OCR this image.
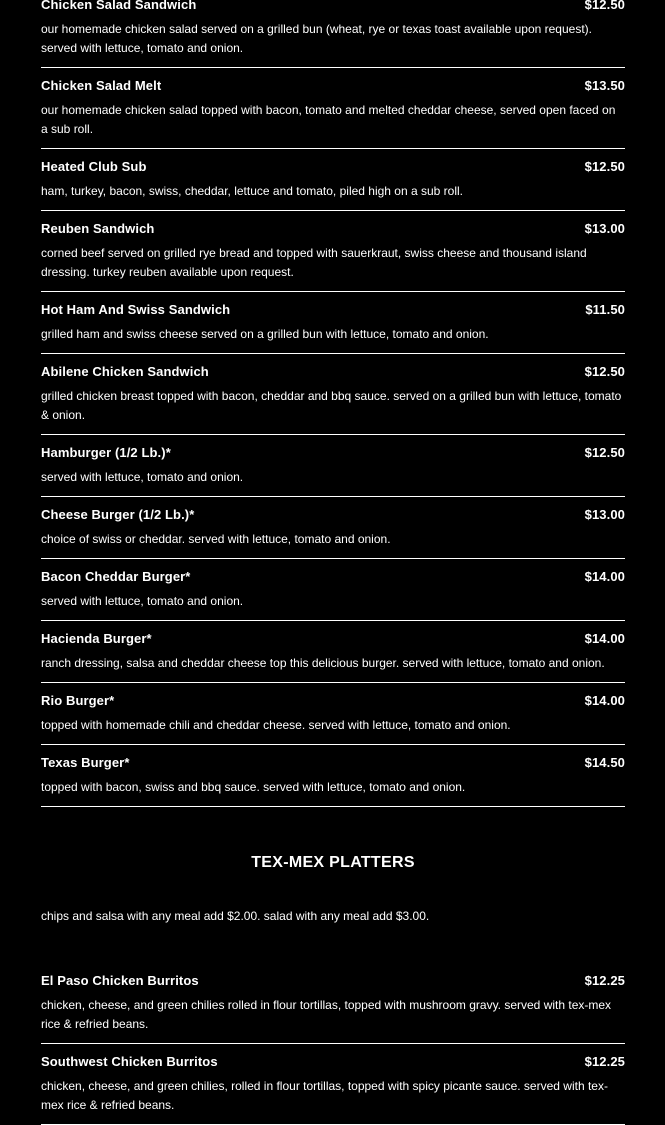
Chicken Salad Sandwich	$12.50
our homemade chicken salad served on a grilled bun (wheat, rye or texas toast available upon request). served with lettuce, tomato and onion.
Chicken Salad Melt	$13.50
our homemade chicken salad topped with bacon, tomato and melted cheddar cheese, served open faced on a sub roll.
Heated Club Sub	$12.50
ham, turkey, bacon, swiss, cheddar, lettuce and tomato, piled high on a sub roll.
Reuben Sandwich	$13.00
corned beef served on grilled rye bread and topped with sauerkraut, swiss cheese and thousand island dressing. turkey reuben available upon request.
Hot Ham And Swiss Sandwich	$11.50
grilled ham and swiss cheese served on a grilled bun with lettuce, tomato and onion.
Abilene Chicken Sandwich	$12.50
grilled chicken breast topped with bacon, cheddar and bbq sauce. served on a grilled bun with lettuce, tomato & onion.
Hamburger (1/2 Lb.)*	$12.50
served with lettuce, tomato and onion.
Cheese Burger (1/2 Lb.)*	$13.00
choice of swiss or cheddar. served with lettuce, tomato and onion.
Bacon Cheddar Burger*	$14.00
served with lettuce, tomato and onion.
Hacienda Burger*	$14.00
ranch dressing, salsa and cheddar cheese top this delicious burger. served with lettuce, tomato and onion.
Rio Burger*	$14.00
topped with homemade chili and cheddar cheese. served with lettuce, tomato and onion.
Texas Burger*	$14.50
topped with bacon, swiss and bbq sauce. served with lettuce, tomato and onion.
TEX-MEX PLATTERS
chips and salsa with any meal add $2.00. salad with any meal add $3.00.
El Paso Chicken Burritos	$12.25
chicken, cheese, and green chilies rolled in flour tortillas, topped with mushroom gravy. served with tex-mex rice & refried beans.
Southwest Chicken Burritos	$12.25
chicken, cheese, and green chilies, rolled in flour tortillas, topped with spicy picante sauce. served with tex-mex rice & refried beans.
